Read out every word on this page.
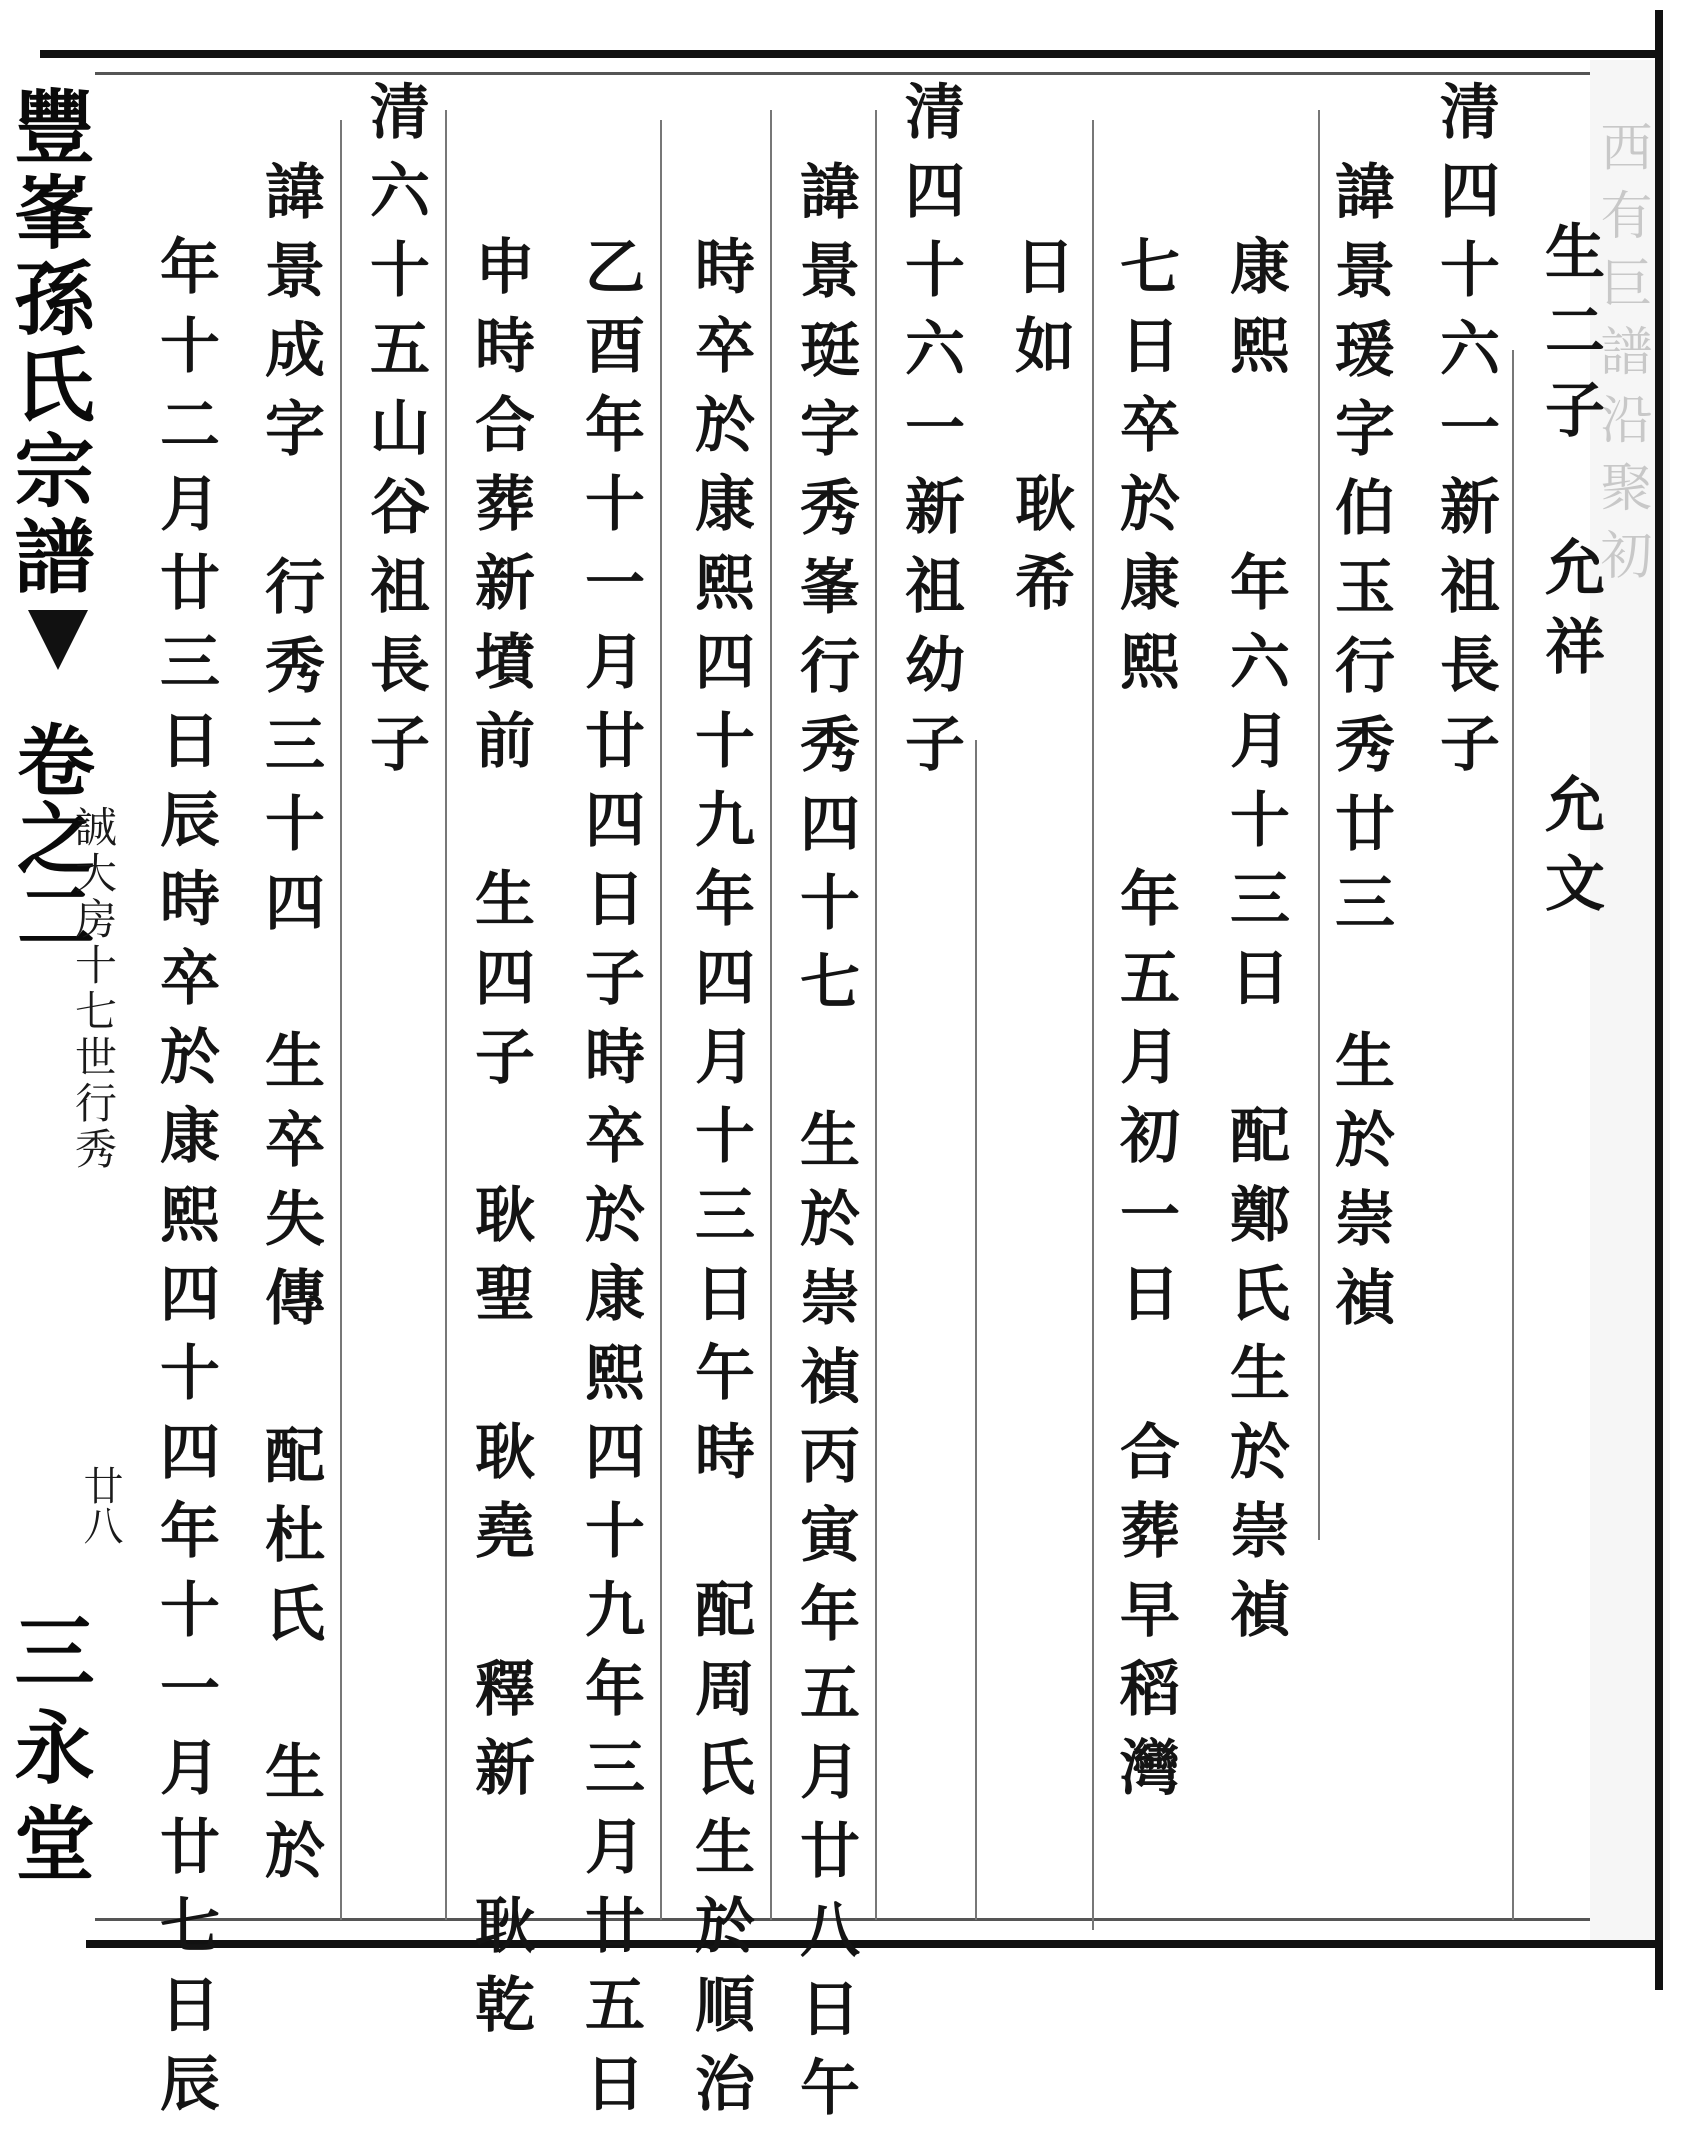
西有巨譜沿聚初
豐峯孫氏宗譜
卷之二
誠大房十七世行秀
廿八
三永堂
生二子　允祥　允文
清四十六一新祖長子
諱景瑗字伯玉行秀廿三　生於崇禎
康熙　　年六月十三日　配鄭氏生於崇禎
七日卒於康熙　　年五月初一日　合葬早稻灣
日如　耿希
清四十六一新祖幼子
諱景珽字秀峯行秀四十七　生於崇禎丙寅年五月廿八日午
時卒於康熙四十九年四月十三日午時　配周氏生於順治
乙酉年十一月廿四日子時卒於康熙四十九年三月廿五日
申時合葬新墳前　生四子　耿聖　耿堯　釋新　耿乾
清六十五山谷祖長子
諱景成字　行秀三十四　生卒失傳　配杜氏　生於
年十二月廿三日辰時卒於康熙四十四年十一月廿七日辰
